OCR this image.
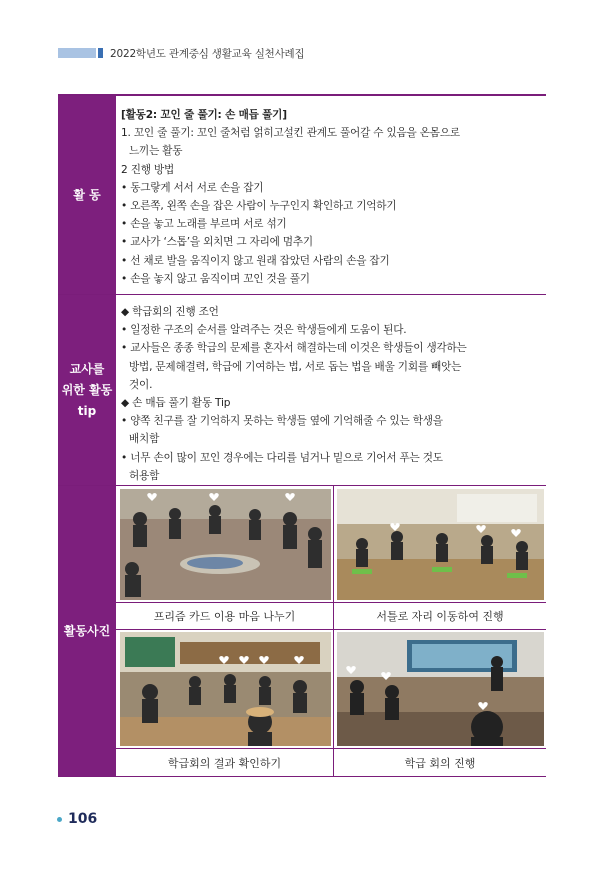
2022학년도 관계중심 생활교육 실천사례집
활 동
[활동2: 꼬인 줄 풀기: 손 매듭 풀기]
1. 꼬인 줄 풀기: 꼬인 줄처럼 얽히고설킨 관계도 풀어갈 수 있음을 온몸으로
느끼는 활동
2 진행 방법
• 동그랗게 서서 서로 손을 잡기
• 오른쪽, 왼쪽 손을 잡은 사람이 누구인지 확인하고 기억하기
• 손을 놓고 노래를 부르며 서로 섞기
• 교사가 ‘스톱’을 외치면 그 자리에 멈추기
• 선 채로 발을 움직이지 않고 원래 잡았던 사람의 손을 잡기
• 손을 놓지 않고 움직이며 꼬인 것을 풀기
교사를
위한 활동
tip
◆ 학급회의 진행 조언
• 일정한 구조의 순서를 알려주는 것은 학생들에게 도움이 된다.
• 교사들은 종종 학급의 문제를 혼자서 해결하는데 이것은 학생들이 생각하는
방법, 문제해결력, 학급에 기여하는 법, 서로 돕는 법을 배울 기회를 빼앗는
것이.
◆ 손 매듭 풀기 활동 Tip
• 양쪽 친구를 잘 기억하지 못하는 학생들 옆에 기억해줄 수 있는 학생을
배치함
• 너무 손이 많이 꼬인 경우에는 다리를 넘거나 밑으로 기어서 푸는 것도
허용함
활동사진
프리즘 카드 이용 마음 나누기	서틀로 자리 이동하여 진행
학급회의 결과 확인하기	학급 회의 진행
106
